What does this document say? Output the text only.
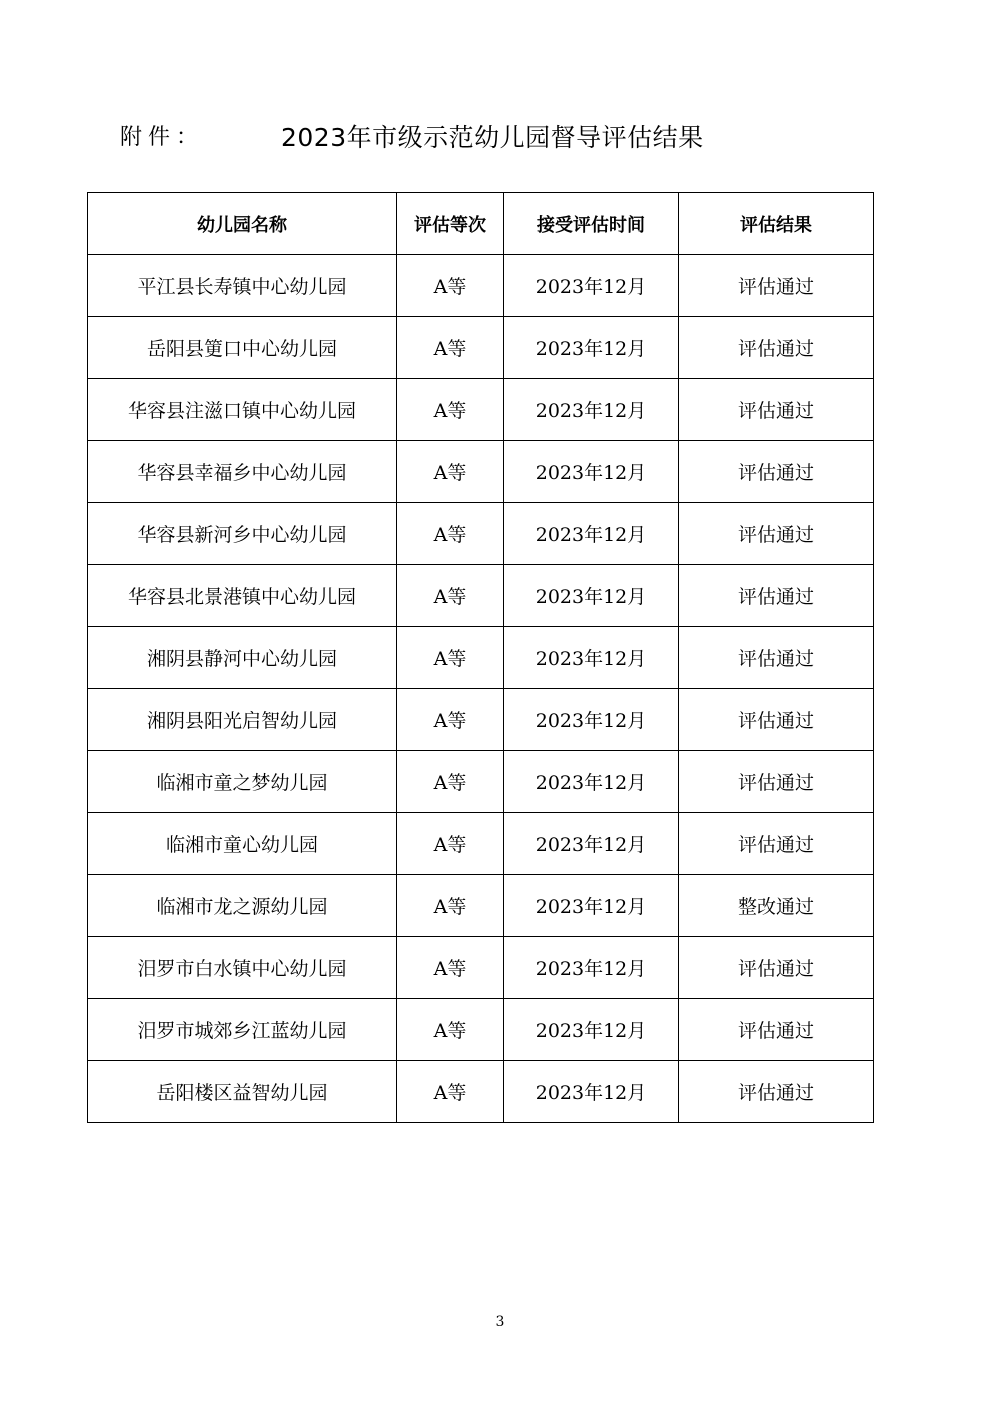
附件：	2023年市级示范幼儿园督导评估结果
幼儿园名称	评估等次	接受评估时间	评估结果
平江县长寿镇中心幼儿园	A等	2023年12月	评估通过
岳阳县筻口中心幼儿园	A等	2023年12月	评估通过
华容县注滋口镇中心幼儿园	A等	2023年12月	评估通过
华容县幸福乡中心幼儿园	A等	2023年12月	评估通过
华容县新河乡中心幼儿园	A等	2023年12月	评估通过
华容县北景港镇中心幼儿园	A等	2023年12月	评估通过
湘阴县静河中心幼儿园	A等	2023年12月	评估通过
湘阴县阳光启智幼儿园	A等	2023年12月	评估通过
临湘市童之梦幼儿园	A等	2023年12月	评估通过
临湘市童心幼儿园	A等	2023年12月	评估通过
临湘市龙之源幼儿园	A等	2023年12月	整改通过
汨罗市白水镇中心幼儿园	A等	2023年12月	评估通过
汨罗市城郊乡江蓝幼儿园	A等	2023年12月	评估通过
岳阳楼区益智幼儿园	A等	2023年12月	评估通过
3
